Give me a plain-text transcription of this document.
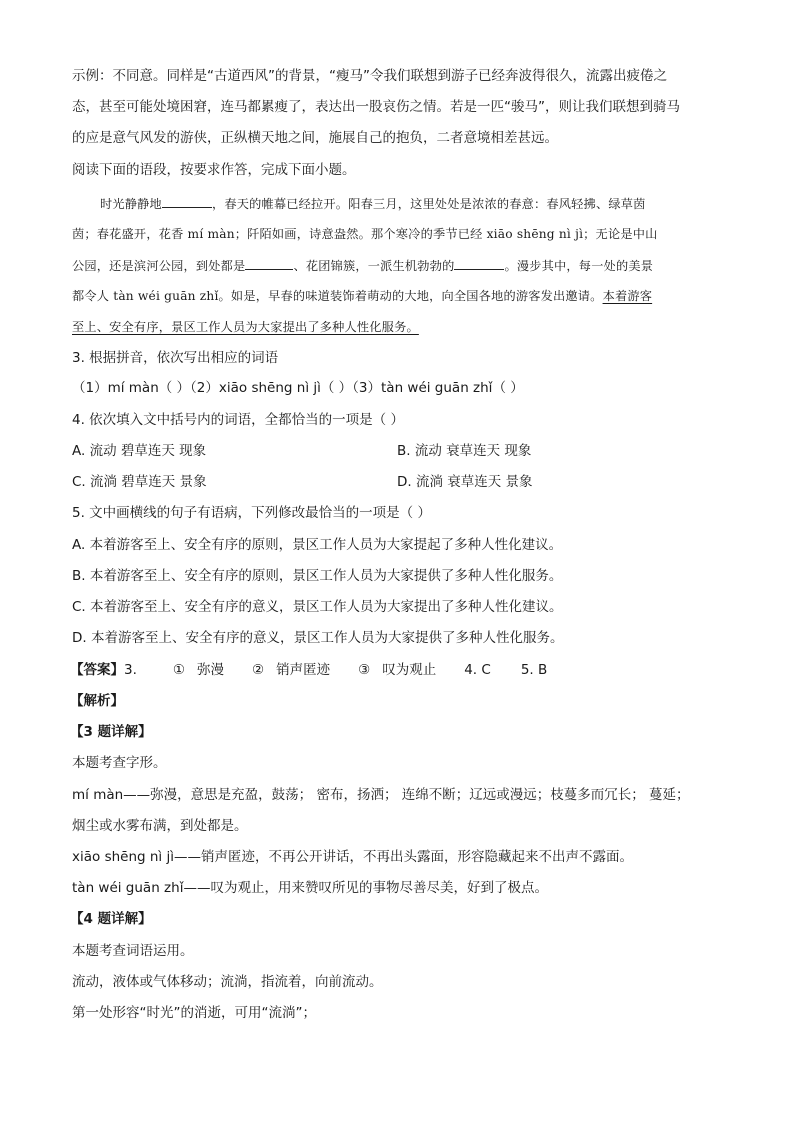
示例：不同意。同样是“古道西风”的背景，“瘦马”令我们联想到游子已经奔波得很久，流露出疲倦之
态，甚至可能处境困窘，连马都累瘦了，表达出一股哀伤之情。若是一匹“骏马”，则让我们联想到骑马
的应是意气风发的游侠，正纵横天地之间，施展自己的抱负，二者意境相差甚远。
阅读下面的语段，按要求作答，完成下面小题。
时光静静地	，春天的帷幕已经拉开。阳春三月，这里处处是浓浓的春意：春风轻拂、绿草茵
茵；春花盛开，花香 mí màn；阡陌如画，诗意盎然。那个寒冷的季节已经 xiāo shēng nì jì；无论是中山
公园，还是滨河公园，到处都是	、花团锦簇，一派生机勃勃的	。漫步其中，每一处的美景
都令人 tàn wéi guān zhǐ。如是，早春的味道装饰着萌动的大地，向全国各地的游客发出邀请。本着游客
至上、安全有序，景区工作人员为大家提出了多种人性化服务。
3. 根据拼音，依次写出相应的词语
（1）mí màn（ ）（2）xiāo shēng nì jì（ ）（3）tàn wéi guān zhǐ（ ）
4. 依次填入文中括号内的词语，全都恰当的一项是（ ）
A. 流动 碧草连天 现象	B. 流动 衰草连天 现象
C. 流淌 碧草连天 景象	D. 流淌 衰草连天 景象
5. 文中画横线的句子有语病，下列修改最恰当的一项是（ ）
A. 本着游客至上、安全有序的原则，景区工作人员为大家提起了多种人性化建议。
B. 本着游客至上、安全有序的原则，景区工作人员为大家提供了多种人性化服务。
C. 本着游客至上、安全有序的意义，景区工作人员为大家提出了多种人性化建议。
D. 本着游客至上、安全有序的意义，景区工作人员为大家提供了多种人性化服务。
【答案】3.	① 弥漫 ② 销声匿迹 ③ 叹为观止 4. C 5. B
【解析】
【3 题详解】
本题考查字形。
mí màn——弥漫，意思是充盈，鼓荡； 密布，扬洒； 连绵不断；辽远或漫远；枝蔓多而冗长； 蔓延；
烟尘或水雾布满，到处都是。
xiāo shēng nì jì——销声匿迹，不再公开讲话，不再出头露面，形容隐藏起来不出声不露面。
tàn wéi guān zhǐ——叹为观止，用来赞叹所见的事物尽善尽美，好到了极点。
【4 题详解】
本题考查词语运用。
流动，液体或气体移动；流淌，指流着，向前流动。
第一处形容“时光”的消逝，可用“流淌”；
